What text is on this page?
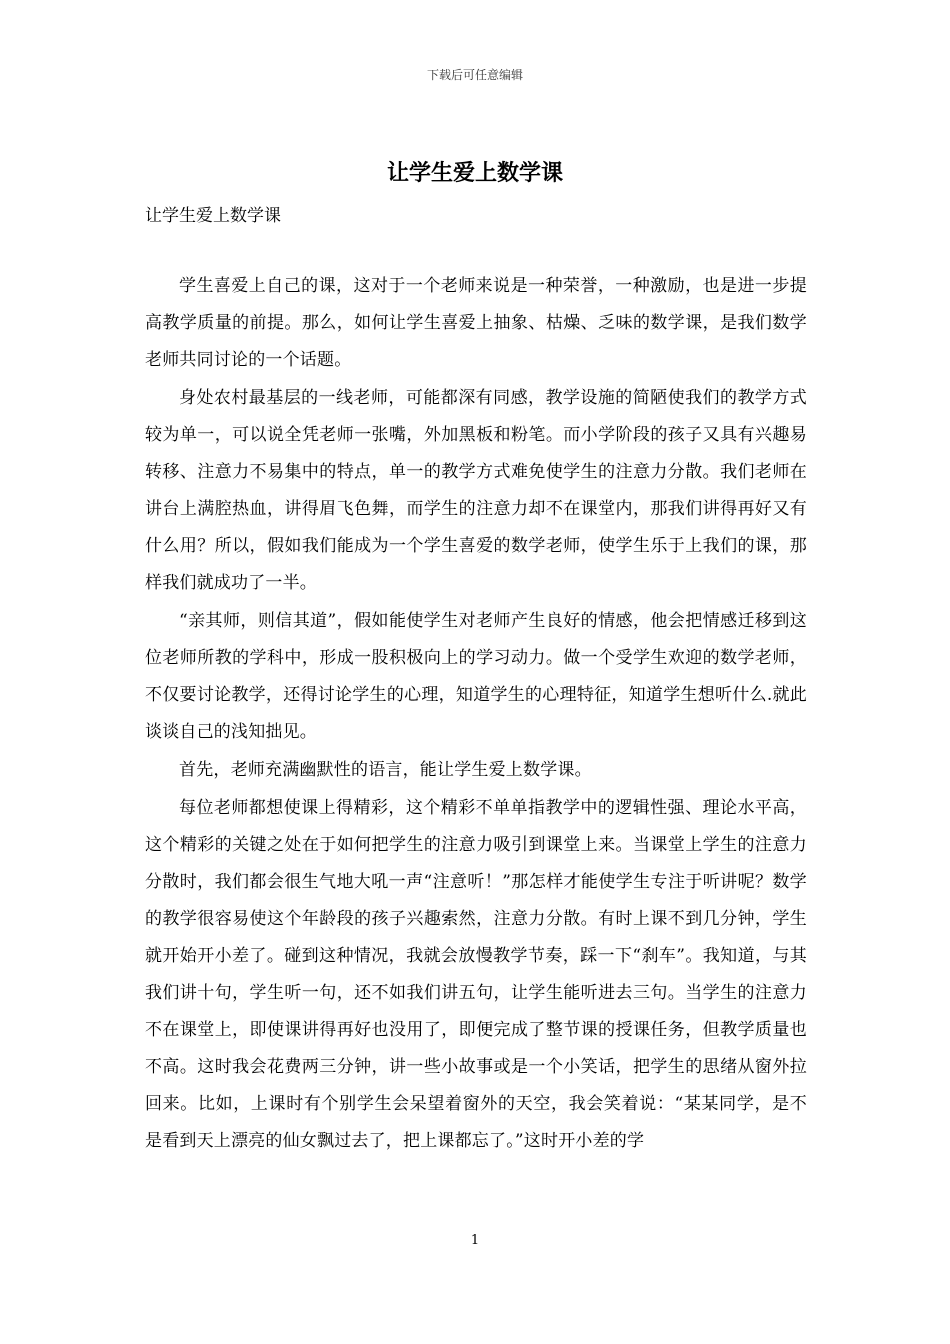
下载后可任意编辑
让学生爱上数学课

让学生爱上数学课

学生喜爱上自己的课，这对于一个老师来说是一种荣誉，一种激励，也是进一步提高教学质量的前提。那么，如何让学生喜爱上抽象、枯燥、乏味的数学课，是我们数学老师共同讨论的一个话题。

身处农村最基层的一线老师，可能都深有同感，教学设施的简陋使我们的教学方式较为单一，可以说全凭老师一张嘴，外加黑板和粉笔。而小学阶段的孩子又具有兴趣易转移、注意力不易集中的特点，单一的教学方式难免使学生的注意力分散。我们老师在讲台上满腔热血，讲得眉飞色舞，而学生的注意力却不在课堂内，那我们讲得再好又有什么用？所以，假如我们能成为一个学生喜爱的数学老师，使学生乐于上我们的课，那样我们就成功了一半。

“亲其师，则信其道”，假如能使学生对老师产生良好的情感，他会把情感迁移到这位老师所教的学科中，形成一股积极向上的学习动力。做一个受学生欢迎的数学老师，不仅要讨论教学，还得讨论学生的心理，知道学生的心理特征，知道学生想听什么.就此谈谈自己的浅知拙见。

首先，老师充满幽默性的语言，能让学生爱上数学课。

每位老师都想使课上得精彩，这个精彩不单单指教学中的逻辑性强、理论水平高，这个精彩的关键之处在于如何把学生的注意力吸引到课堂上来。当课堂上学生的注意力分散时，我们都会很生气地大吼一声“注意听！”那怎样才能使学生专注于听讲呢？数学的教学很容易使这个年龄段的孩子兴趣索然，注意力分散。有时上课不到几分钟，学生就开始开小差了。碰到这种情况，我就会放慢教学节奏，踩一下“刹车”。我知道，与其我们讲十句，学生听一句，还不如我们讲五句，让学生能听进去三句。当学生的注意力不在课堂上，即使课讲得再好也没用了，即便完成了整节课的授课任务，但教学质量也不高。这时我会花费两三分钟，讲一些小故事或是一个小笑话，把学生的思绪从窗外拉回来。比如，上课时有个别学生会呆望着窗外的天空，我会笑着说：“某某同学，是不是看到天上漂亮的仙女飘过去了，把上课都忘了。”这时开小差的学

1
